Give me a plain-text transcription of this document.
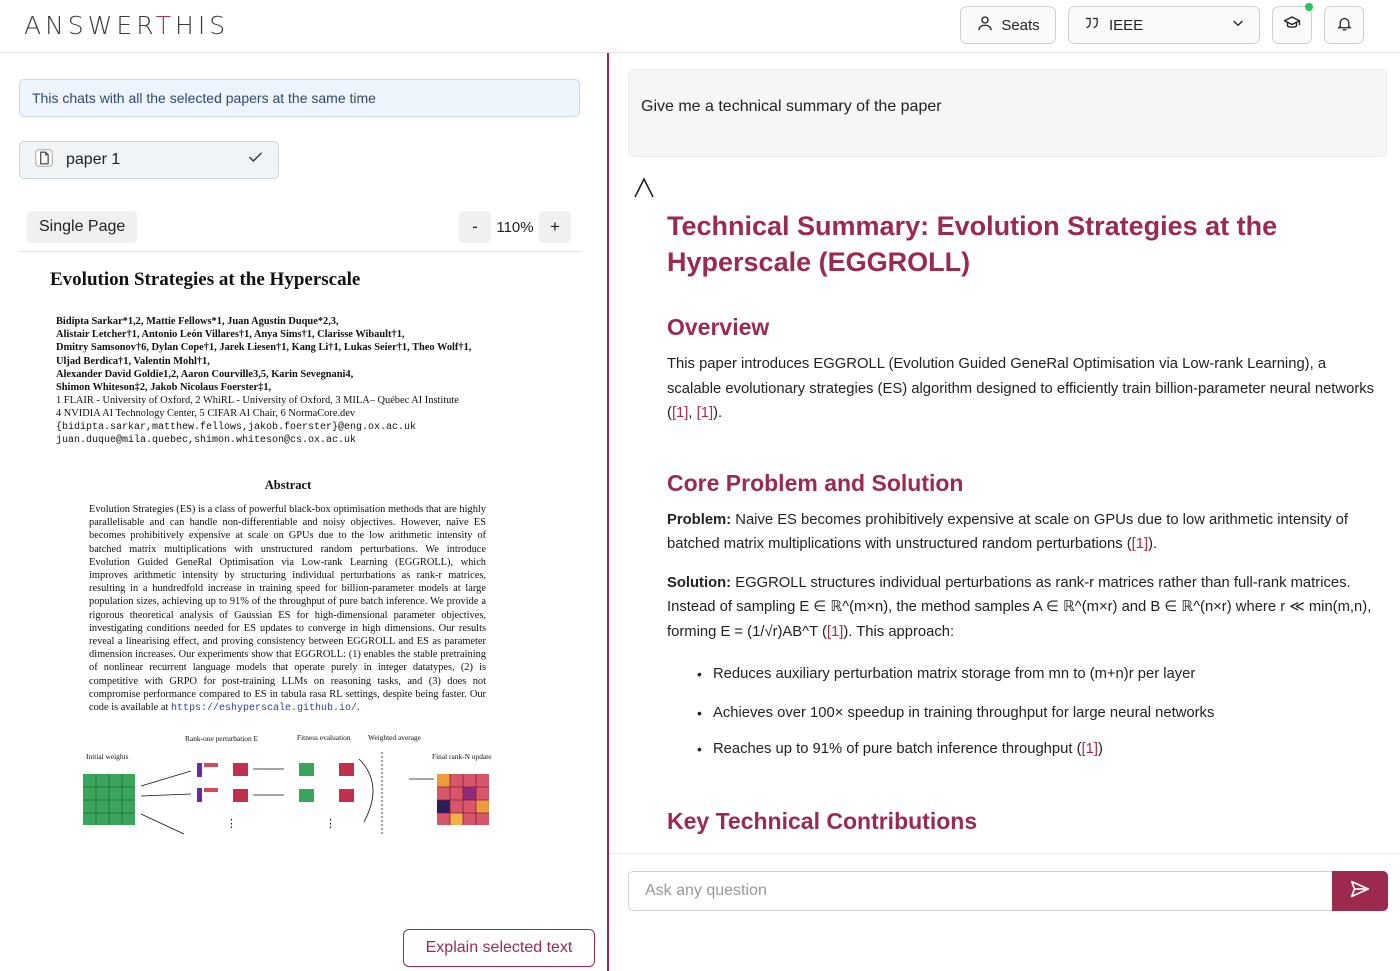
ANSWERTHIS	Seats	IEEE
This chats with all the selected papers at the same time
paper 1
Single Page	-	110% +
Evolution Strategies at the Hyperscale
Bidipta Sarkar*1,2, Mattie Fellows*1, Juan Agustin Duque*2,3,
Alistair Letcher†1, Antonio León Villares†1, Anya Sims†1, Clarisse Wibault†1,
Dmitry Samsonov†6, Dylan Cope†1, Jarek Liesen†1, Kang Li†1, Lukas Seier†1, Theo Wolf†1,
Uljad Berdica†1, Valentin Mohl†1,
Alexander David Goldie1,2, Aaron Courville3,5, Karin Sevegnani4,
Shimon Whiteson‡2, Jakob Nicolaus Foerster‡1,
1 FLAIR - University of Oxford, 2 WhiRL - University of Oxford, 3 MILA– Québec AI Institute
4 NVIDIA AI Technology Center, 5 CIFAR AI Chair, 6 NormaCore.dev
{bidipta.sarkar,matthew.fellows,jakob.foerster}@eng.ox.ac.uk
juan.duque@mila.quebec,shimon.whiteson@cs.ox.ac.uk
Abstract
Evolution Strategies (ES) is a class of powerful black-box optimisation methods that are highly parallelisable and can handle non-differentiable and noisy objectives. However, naïve ES becomes prohibitively expensive at scale on GPUs due to the low arithmetic intensity of batched matrix multiplications with unstructured random perturbations. We introduce Evolution Guided GeneRal Optimisation via Low-rank Learning (EGGROLL), which improves arithmetic intensity by structuring individual perturbations as rank-r matrices, resulting in a hundredfold increase in training speed for billion-parameter models at large population sizes, achieving up to 91% of the throughput of pure batch inference. We provide a rigorous theoretical analysis of Gaussian ES for high-dimensional parameter objectives, investigating conditions needed for ES updates to converge in high dimensions. Our results reveal a linearising effect, and proving consistency between EGGROLL and ES as parameter dimension increases. Our experiments show that EGGROLL: (1) enables the stable pretraining of nonlinear recurrent language models that operate purely in integer datatypes, (2) is competitive with GRPO for post-training LLMs on reasoning tasks, and (3) does not compromise performance compared to ES in tabula rasa RL settings, despite being faster. Our code is available at https://eshyperscale.github.io/.
Rank-one perturbation E	Fitness evaluation Weighted average
Initial weights	Final rank-N update
⋮	⋮
Explain selected text
Give me a technical summary of the paper
Technical Summary: Evolution Strategies at the Hyperscale (EGGROLL)
Overview

This paper introduces EGGROLL (Evolution Guided GeneRal Optimisation via Low-rank Learning), a scalable evolutionary strategies (ES) algorithm designed to efficiently train billion-parameter neural networks ([1], [1]).

Core Problem and Solution

Problem: Naive ES becomes prohibitively expensive at scale on GPUs due to low arithmetic intensity of batched matrix multiplications with unstructured random perturbations ([1]).

Solution: EGGROLL structures individual perturbations as rank-r matrices rather than full-rank matrices. Instead of sampling E ∈ ℝ^(m×n), the method samples A ∈ ℝ^(m×r) and B ∈ ℝ^(n×r) where r ≪ min(m,n), forming E = (1/√r)AB^T ([1]). This approach:

• Reduces auxiliary perturbation matrix storage from mn to (m+n)r per layer
• Achieves over 100× speedup in training throughput for large neural networks
• Reaches up to 91% of pure batch inference throughput ([1])
Key Technical Contributions
Ask any question
